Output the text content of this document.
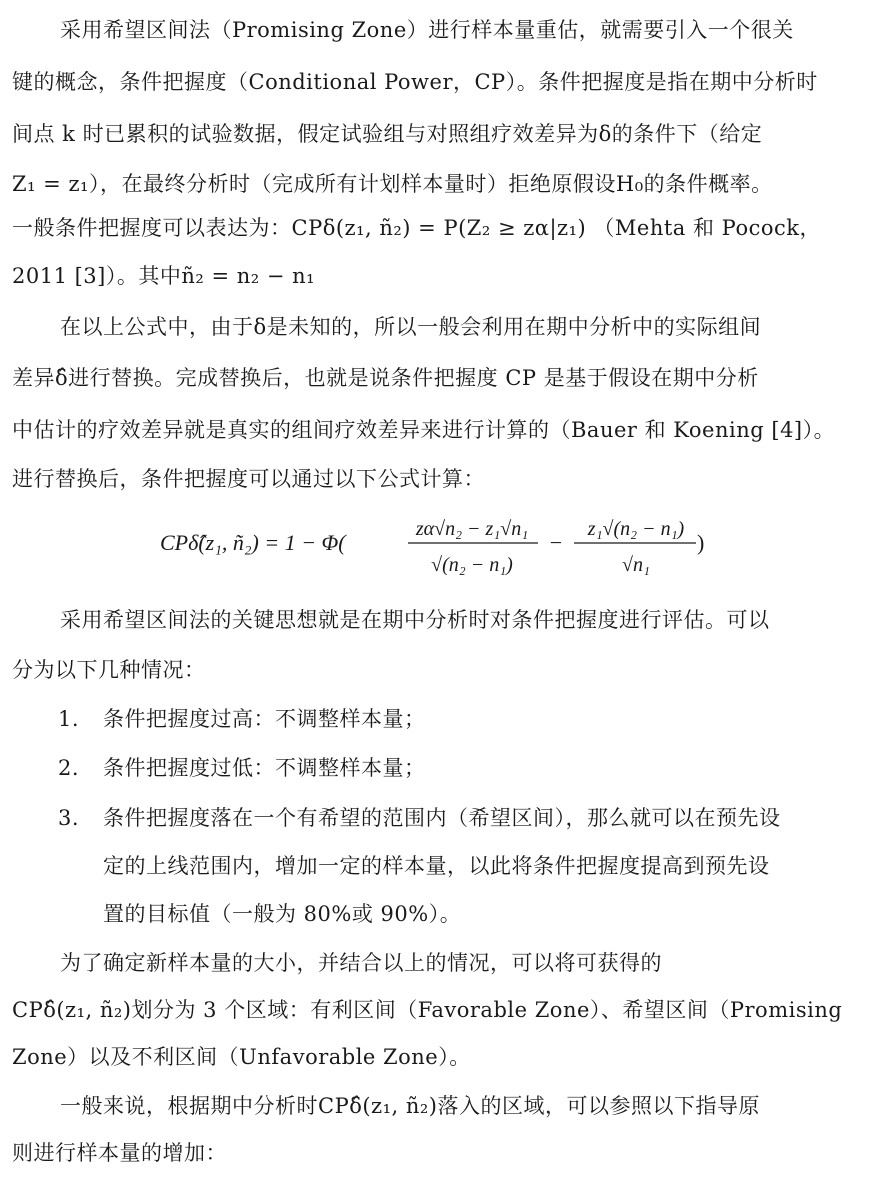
采用希望区间法（Promising Zone）进行样本量重估，就需要引入一个很关
键的概念，条件把握度（Conditional Power，CP）。条件把握度是指在期中分析时
间点 k 时已累积的试验数据，假定试验组与对照组疗效差异为δ的条件下（给定
Z₁ = z₁），在最终分析时（完成所有计划样本量时）拒绝原假设H₀的条件概率。
一般条件把握度可以表达为：CPδ(z₁, ñ₂) = P(Z₂ ≥ zα|z₁) （Mehta 和 Pocock，
2011 [3]）。其中ñ₂ = n₂ − n₁
在以上公式中，由于δ是未知的，所以一般会利用在期中分析中的实际组间
差异δ̂进行替换。完成替换后，也就是说条件把握度 CP 是基于假设在期中分析
中估计的疗效差异就是真实的组间疗效差异来进行计算的（Bauer 和 Koening [4]）。
进行替换后，条件把握度可以通过以下公式计算：
CPδ̂(z₁, ñ₂) = 1 − Φ(
zα√n₂ − z₁√n₁
√(n₂ − n₁)
−
z₁√(n₂ − n₁)
√n₁
)
采用希望区间法的关键思想就是在期中分析时对条件把握度进行评估。可以
分为以下几种情况：
1. 条件把握度过高：不调整样本量；
2. 条件把握度过低：不调整样本量；
3. 条件把握度落在一个有希望的范围内（希望区间），那么就可以在预先设
定的上线范围内，增加一定的样本量，以此将条件把握度提高到预先设
置的目标值（一般为 80%或 90%）。
为了确定新样本量的大小，并结合以上的情况，可以将可获得的
CPδ̂(z₁, ñ₂)划分为 3 个区域：有利区间（Favorable Zone）、希望区间（Promising
Zone）以及不利区间（Unfavorable Zone）。
一般来说，根据期中分析时CPδ̂(z₁, ñ₂)落入的区域，可以参照以下指导原
则进行样本量的增加：
